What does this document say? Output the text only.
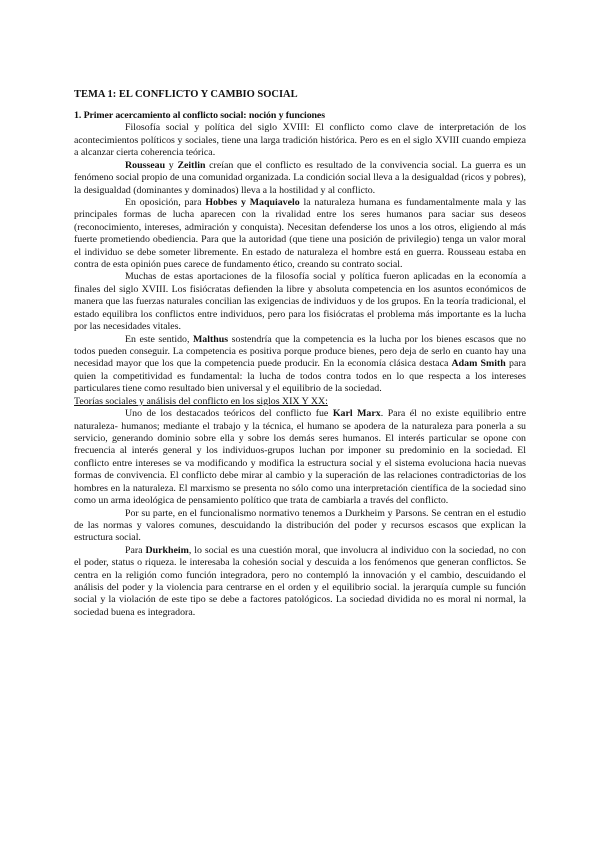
TEMA 1: EL CONFLICTO Y CAMBIO SOCIAL
1. Primer acercamiento al conflicto social: noción y funciones

Filosofía social y política del siglo XVIII: El conflicto como clave de interpretación de los acontecimientos políticos y sociales, tiene una larga tradición histórica. Pero es en el siglo XVIII cuando empieza a alcanzar cierta coherencia teórica.

Rousseau y Zeitlin creían que el conflicto es resultado de la convivencia social. La guerra es un fenómeno social propio de una comunidad organizada. La condición social lleva a la desigualdad (ricos y pobres), la desigualdad (dominantes y dominados) lleva a la hostilidad y al conflicto.

En oposición, para Hobbes y Maquiavelo la naturaleza humana es fundamentalmente mala y las principales formas de lucha aparecen con la rivalidad entre los seres humanos para saciar sus deseos (reconocimiento, intereses, admiración y conquista). Necesitan defenderse los unos a los otros, eligiendo al más fuerte prometiendo obediencia. Para que la autoridad (que tiene una posición de privilegio) tenga un valor moral el individuo se debe someter libremente. En estado de naturaleza el hombre está en guerra. Rousseau estaba en contra de esta opinión pues carece de fundamento ético, creando su contrato social.

Muchas de estas aportaciones de la filosofía social y política fueron aplicadas en la economía a finales del siglo XVIII. Los fisiócratas defienden la libre y absoluta competencia en los asuntos económicos de manera que las fuerzas naturales concilian las exigencias de individuos y de los grupos. En la teoría tradicional, el estado equilibra los conflictos entre individuos, pero para los fisiócratas el problema más importante es la lucha por las necesidades vitales.

En este sentido, Malthus sostendría que la competencia es la lucha por los bienes escasos que no todos pueden conseguir. La competencia es positiva porque produce bienes, pero deja de serlo en cuanto hay una necesidad mayor que los que la competencia puede producir. En la economía clásica destaca Adam Smith para quien la competitividad es fundamental: la lucha de todos contra todos en lo que respecta a los intereses particulares tiene como resultado bien universal y el equilibrio de la sociedad.

Teorías sociales y análisis del conflicto en los siglos XIX Y XX:

Uno de los destacados teóricos del conflicto fue Karl Marx. Para él no existe equilibrio entre naturaleza- humanos; mediante el trabajo y la técnica, el humano se apodera de la naturaleza para ponerla a su servicio, generando dominio sobre ella y sobre los demás seres humanos. El interés particular se opone con frecuencia al interés general y los individuos-grupos luchan por imponer su predominio en la sociedad. El conflicto entre intereses se va modificando y modifica la estructura social y el sistema evoluciona hacia nuevas formas de convivencia. El conflicto debe mirar al cambio y la superación de las relaciones contradictorias de los hombres en la naturaleza. El marxismo se presenta no sólo como una interpretación científica de la sociedad sino como un arma ideológica de pensamiento político que trata de cambiarla a través del conflicto.

Por su parte, en el funcionalismo normativo tenemos a Durkheim y Parsons. Se centran en el estudio de las normas y valores comunes, descuidando la distribución del poder y recursos escasos que explican la estructura social.

Para Durkheim, lo social es una cuestión moral, que involucra al individuo con la sociedad, no con el poder, status o riqueza. le interesaba la cohesión social y descuida a los fenómenos que generan conflictos. Se centra en la religión como función integradora, pero no contempló la innovación y el cambio, descuidando el análisis del poder y la violencia para centrarse en el orden y el equilibrio social. la jerarquía cumple su función social y la violación de este tipo se debe a factores patológicos. La sociedad dividida no es moral ni normal, la sociedad buena es integradora.
